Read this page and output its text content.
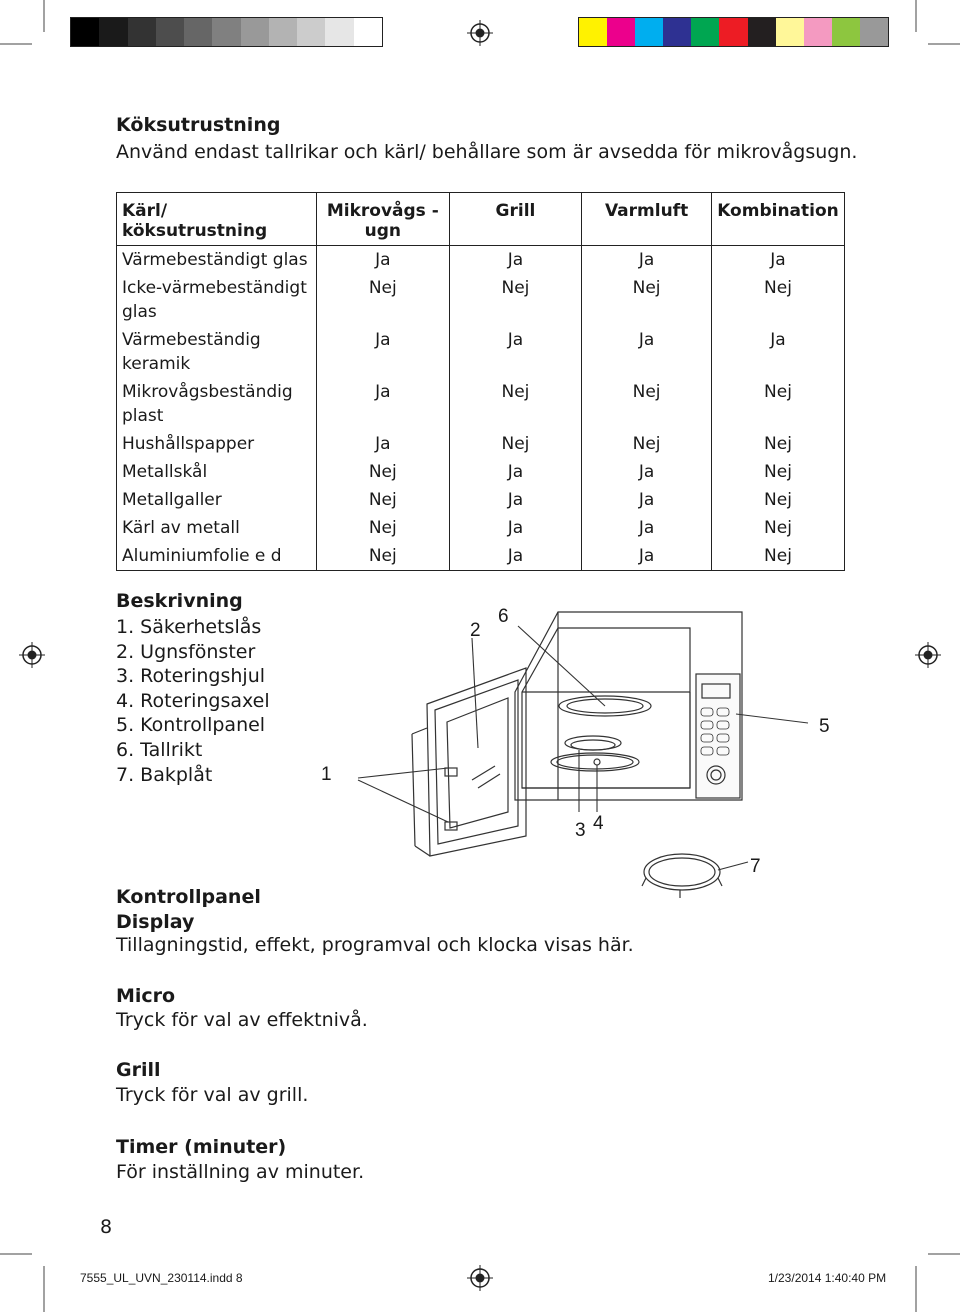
Köksutrustning
Använd endast tallrikar och kärl/ behållare som är avsedda för mikrovågsugn.
Kärl/ köksutrustning	Mikrovågs -ugn	Grill	Varmluft	Kombination
Värmebeständigt glas	Ja	Ja	Ja	Ja
Icke-värmebeständigt glas	Nej	Nej	Nej	Nej
Värmebeständig keramik	Ja	Ja	Ja	Ja
Mikrovågsbeständig plast	Ja	Nej	Nej	Nej
Hushållspapper	Ja	Nej	Nej	Nej
Metallskål	Nej	Ja	Ja	Nej
Metallgaller	Nej	Ja	Ja	Nej
Kärl av metall	Nej	Ja	Ja	Nej
Aluminiumfolie e d	Nej	Ja	Ja	Nej
Beskrivning
1. Säkerhetslås
2. Ugnsfönster
3. Roteringshjul
4. Roteringsaxel
5. Kontrollpanel
6. Tallrikt
7. Bakplåt	1
2
3 4
5
6
7
Kontrollpanel
Display
Tillagningstid, effekt, programval och klocka visas här.
Micro
Tryck för val av effektnivå.
Grill
Tryck för val av grill.
Timer (minuter)
För inställning av minuter.
8
7555_UL_UVN_230114.indd 8	1/23/2014 1:40:40 PM
